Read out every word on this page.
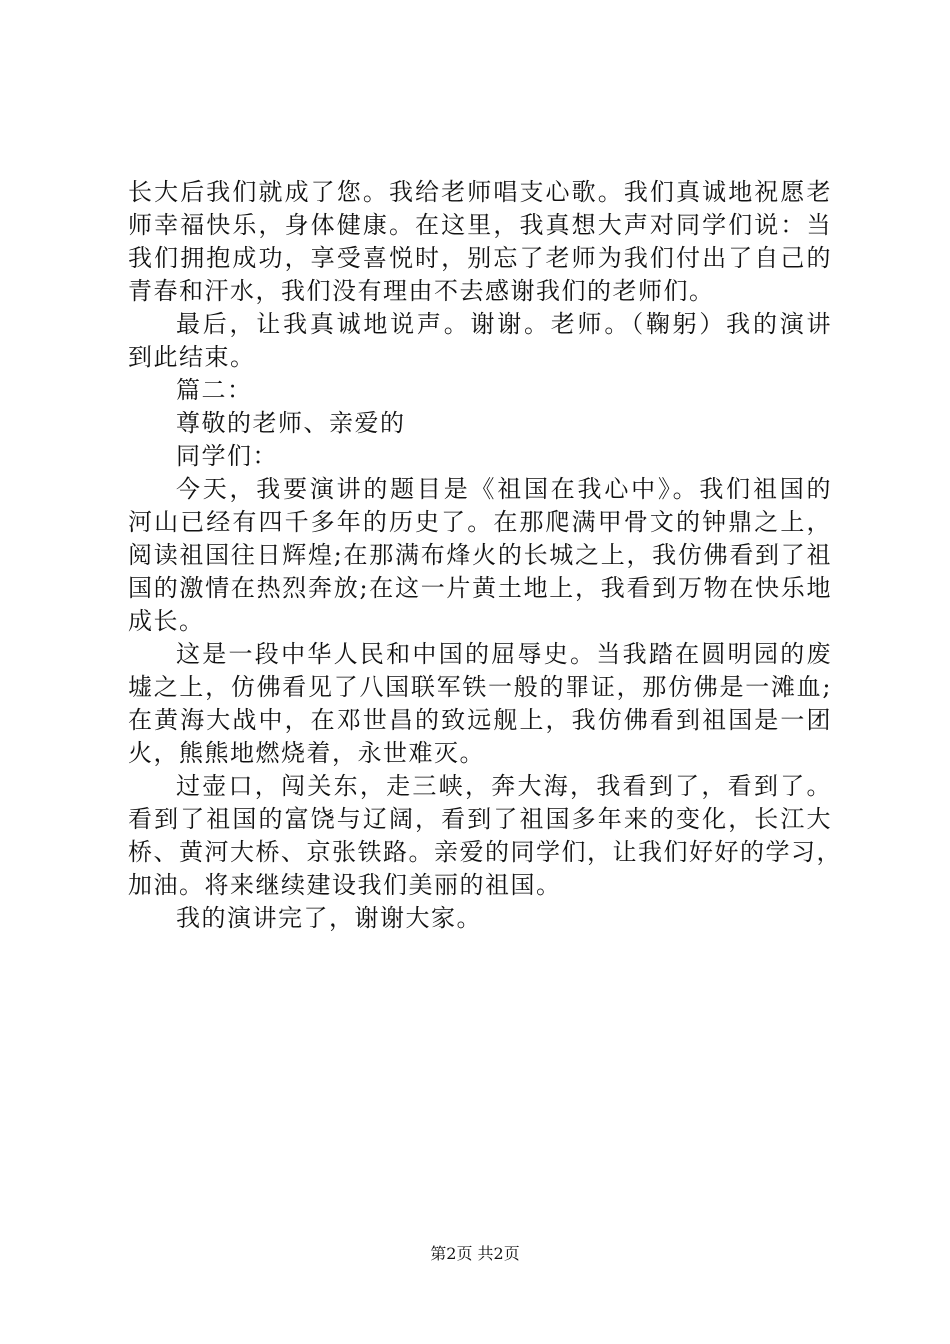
长大后我们就成了您。我给老师唱支心歌。我们真诚地祝愿老
师幸福快乐，身体健康。在这里，我真想大声对同学们说：当
我们拥抱成功，享受喜悦时，别忘了老师为我们付出了自己的
青春和汗水，我们没有理由不去感谢我们的老师们。
最后，让我真诚地说声。谢谢。老师。（鞠躬）我的演讲
到此结束。
篇二：
尊敬的老师、亲爱的
同学们：
今天，我要演讲的题目是《祖国在我心中》。我们祖国的
河山已经有四千多年的历史了。在那爬满甲骨文的钟鼎之上，
阅读祖国往日辉煌;在那满布烽火的长城之上，我仿佛看到了祖
国的激情在热烈奔放;在这一片黄土地上，我看到万物在快乐地
成长。
这是一段中华人民和中国的屈辱史。当我踏在圆明园的废
墟之上，仿佛看见了八国联军铁一般的罪证，那仿佛是一滩血;
在黄海大战中，在邓世昌的致远舰上，我仿佛看到祖国是一团
火，熊熊地燃烧着，永世难灭。
过壶口，闯关东，走三峡，奔大海，我看到了，看到了。
看到了祖国的富饶与辽阔，看到了祖国多年来的变化，长江大
桥、黄河大桥、京张铁路。亲爱的同学们，让我们好好的学习，
加油。将来继续建设我们美丽的祖国。
我的演讲完了，谢谢大家。
第2页 共2页
